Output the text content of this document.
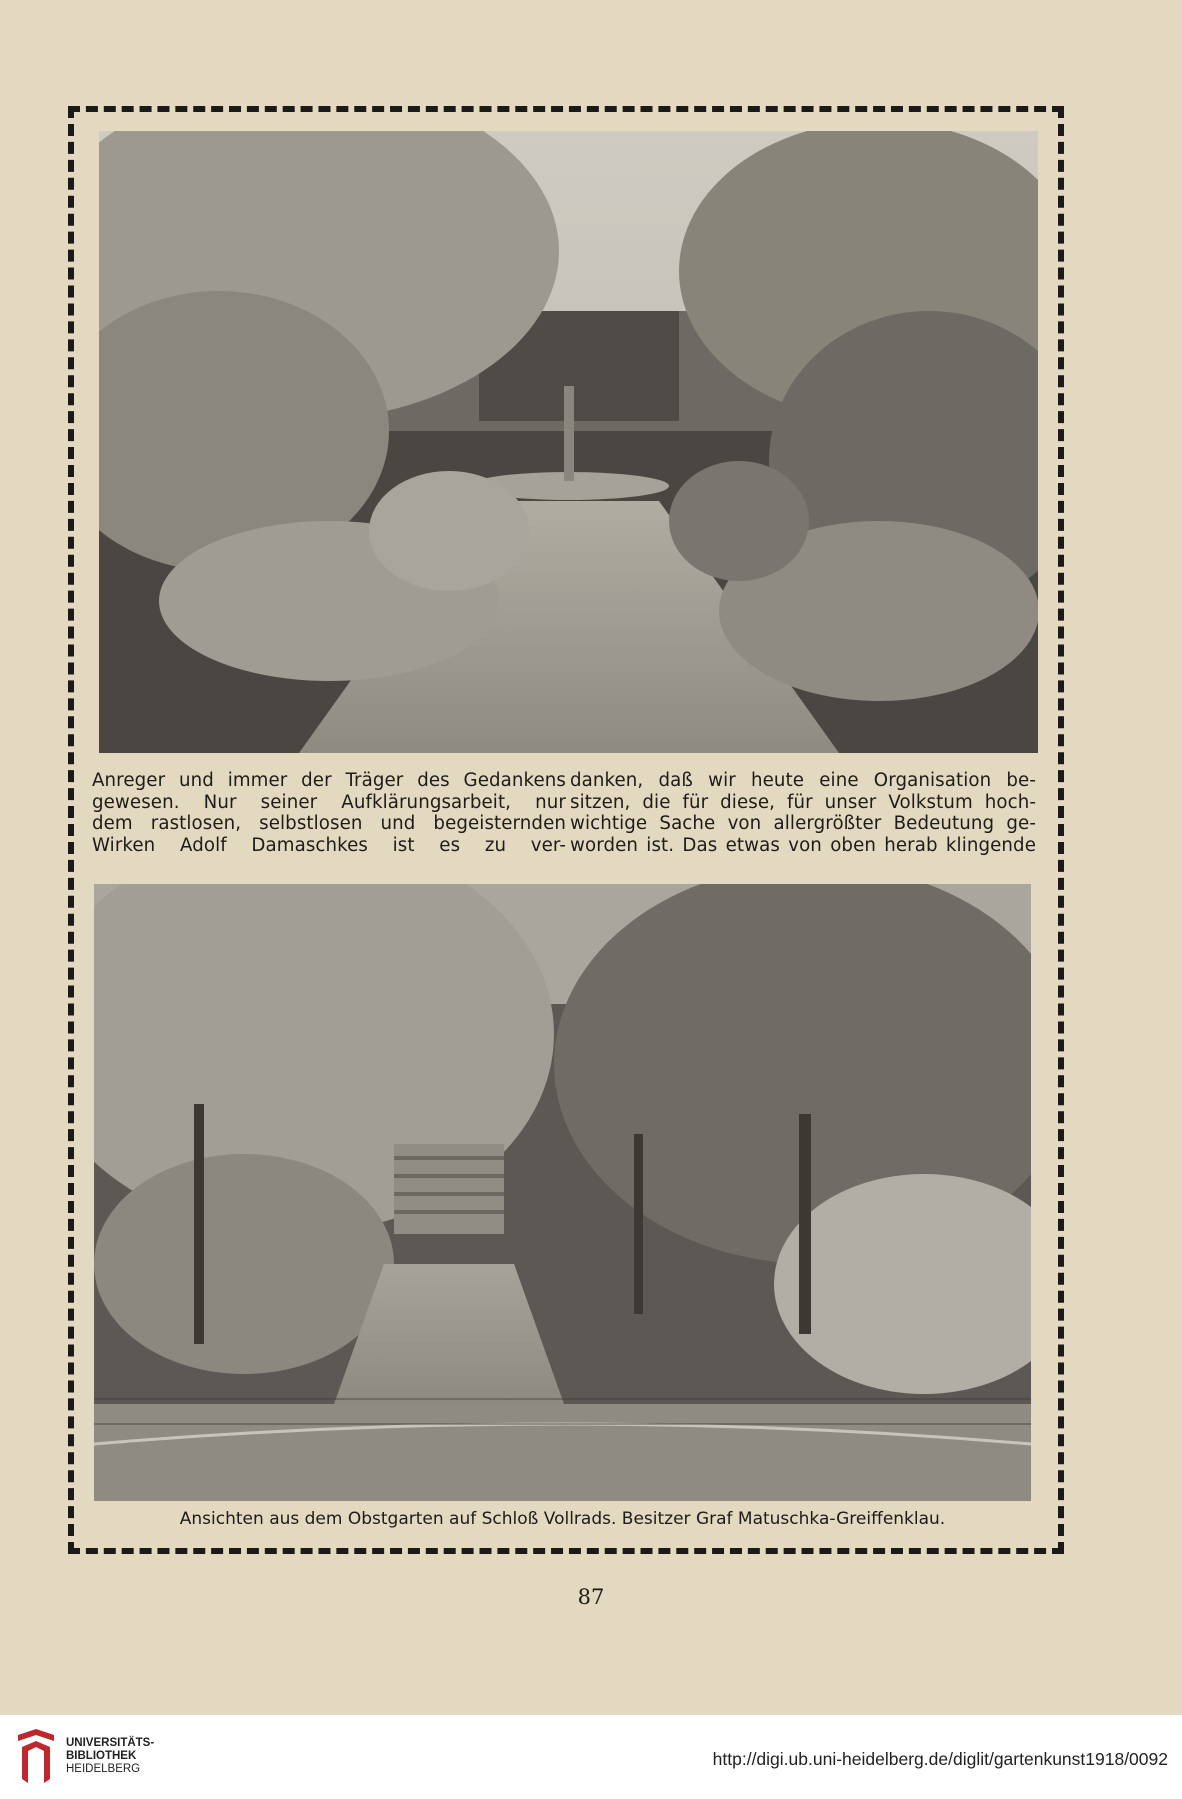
Anreger und immer der Träger des Gedankens
gewesen. Nur seiner Aufklärungsarbeit, nur
dem rastlosen, selbstlosen und begeisternden
Wirken Adolf Damaschkes ist es zu ver-
danken, daß wir heute eine Organisation be-
sitzen, die für diese, für unser Volkstum hoch-
wichtige Sache von allergrößter Bedeutung ge-
worden ist. Das etwas von oben herab klingende
Ansichten aus dem Obstgarten auf Schloß Vollrads. Besitzer Graf Matuschka-Greiffenklau.
87
UNIVERSITÄTS-
BIBLIOTHEK
HEIDELBERG	http://digi.ub.uni-heidelberg.de/diglit/gartenkunst1918/0092
